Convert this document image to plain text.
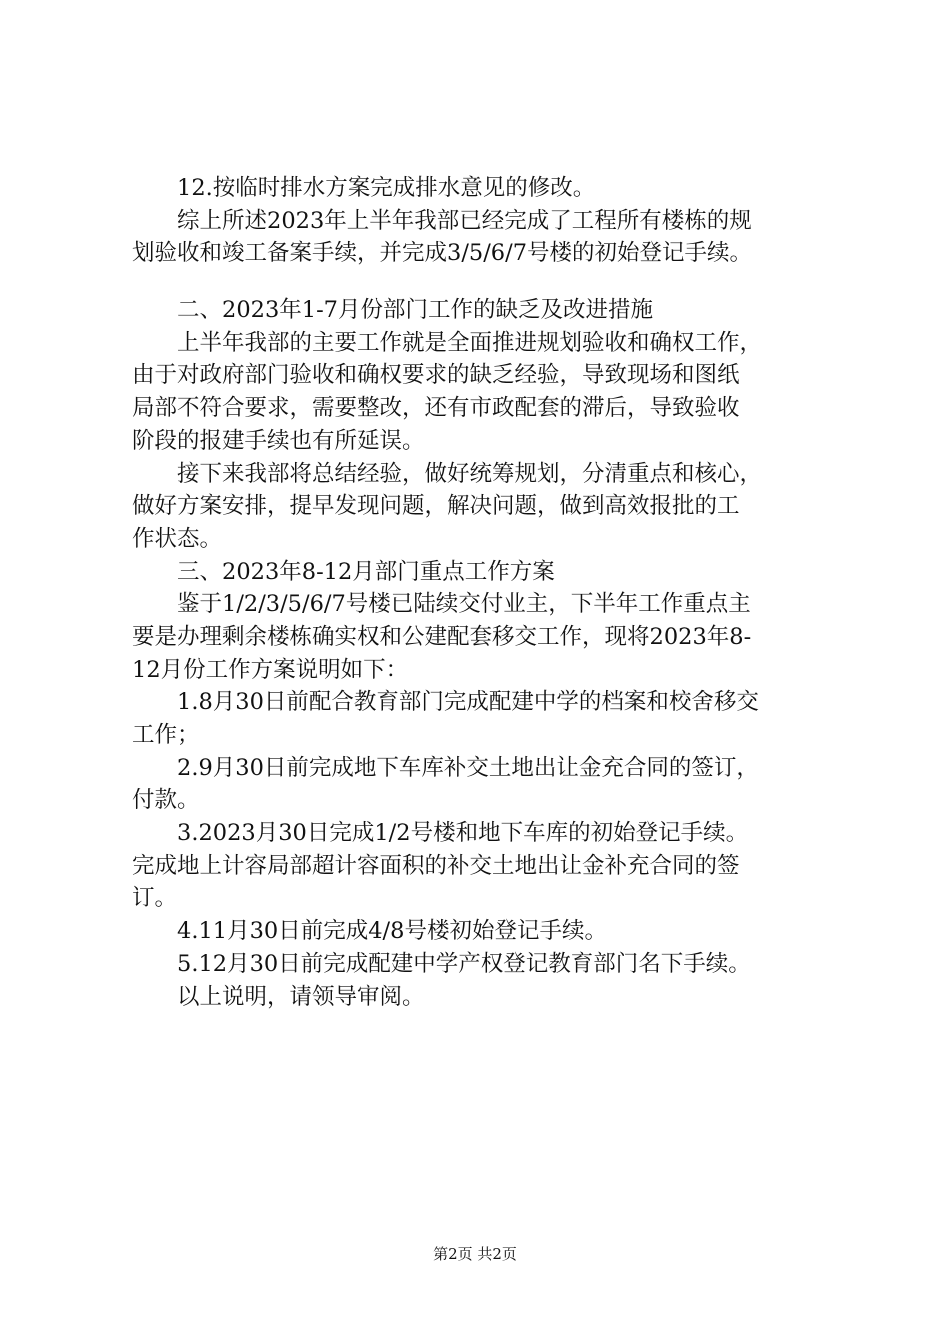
12.按临时排水方案完成排水意见的修改。
综上所述2023年上半年我部已经完成了工程所有楼栋的规
划验收和竣工备案手续，并完成3/5/6/7号楼的初始登记手续。
二、2023年1-7月份部门工作的缺乏及改进措施
上半年我部的主要工作就是全面推进规划验收和确权工作，
由于对政府部门验收和确权要求的缺乏经验，导致现场和图纸
局部不符合要求，需要整改，还有市政配套的滞后，导致验收
阶段的报建手续也有所延误。
接下来我部将总结经验，做好统筹规划，分清重点和核心，
做好方案安排，提早发现问题，解决问题，做到高效报批的工
作状态。
三、2023年8-12月部门重点工作方案
鉴于1/2/3/5/6/7号楼已陆续交付业主，下半年工作重点主
要是办理剩余楼栋确实权和公建配套移交工作，现将2023年8-
12月份工作方案说明如下：
1.8月30日前配合教育部门完成配建中学的档案和校舍移交
工作；
2.9月30日前完成地下车库补交土地出让金充合同的签订，
付款。
3.2023月30日完成1/2号楼和地下车库的初始登记手续。
完成地上计容局部超计容面积的补交土地出让金补充合同的签
订。
4.11月30日前完成4/8号楼初始登记手续。
5.12月30日前完成配建中学产权登记教育部门名下手续。
以上说明，请领导审阅。
第2页 共2页
